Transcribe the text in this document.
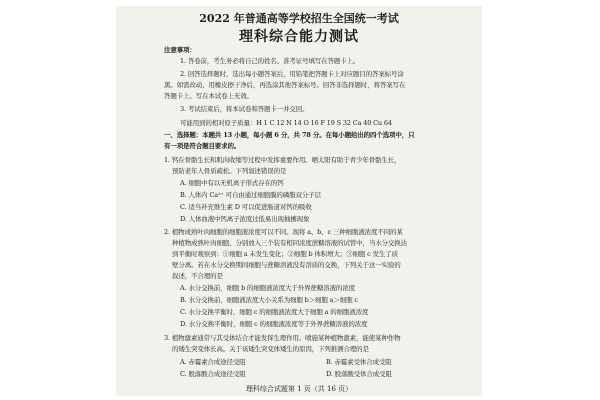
2022 年普通高等学校招生全国统一考试
理科综合能力测试
注意事项：
1. 答卷前，考生务必将自己的姓名、准考证号填写在答题卡上。
2. 回答选择题时，选出每小题答案后，用铅笔把答题卡上对应题目的答案标号涂
黑。如需改动，用橡皮擦干净后，再选涂其他答案标号。回答非选择题时，将答案写在
答题卡上。写在本试卷上无效。
3. 考试结束后，将本试卷和答题卡一并交回。
可能用到的相对原子质量：H 1 C 12 N 14 O 16 F 19 S 32 Ca 40 Cu 64
一、选择题：本题共 13 小题，每小题 6 分，共 78 分。在每小题给出的四个选项中，只
有一项是符合题目要求的。
1. 钙在骨骼生长和肌肉收缩等过程中发挥重要作用。晒太阳有助于青少年骨骼生长，
预防老年人骨质疏松。下列叙述错误的是
A. 细胞中有以无机离子形式存在的钙
B. 人体内 Ca²⁺ 可自由通过细胞膜的磷脂双分子层
C. 适当补充维生素 D 可以促进肠道对钙的吸收
D. 人体血液中钙离子浓度过低易出现抽搐现象
2. 植物成熟叶肉细胞的细胞液浓度可以不同。现将 a、b、c 三种细胞液浓度不同的某
种植物成熟叶肉细胞，分别放入三个装有相同浓度蔗糖溶液的试管中，当水分交换达
到平衡时观察到：①细胞 a 未发生变化；②细胞 b 体积增大；③细胞 c 发生了质
壁分离。若在水分交换期间细胞与蔗糖溶液没有溶质的交换，下列关于这一实验的
叙述，不合理的是
A. 水分交换前，细胞 b 的细胞液浓度大于外界蔗糖溶液的浓度
B. 水分交换前，细胞液浓度大小关系为细胞 b＞细胞 a＞细胞 c
C. 水分交换平衡时，细胞 c 的细胞液浓度大于细胞 a 的细胞液浓度
D. 水分交换平衡时，细胞 c 的细胞液浓度等于外界蔗糖溶液的浓度
3. 植物激素通常与其受体结合才能发挥生理作用。喷施某种植物激素，能使某种作物
的矮生突变体长高。关于该矮生突变体矮生的原因，下列推测合理的是
A. 赤霉素合成途径受阻	B. 赤霉素受体合成受阻
C. 脱落酸合成途径受阻	D. 脱落酸受体合成受阻
理科综合试题第 1 页（共 16 页）
